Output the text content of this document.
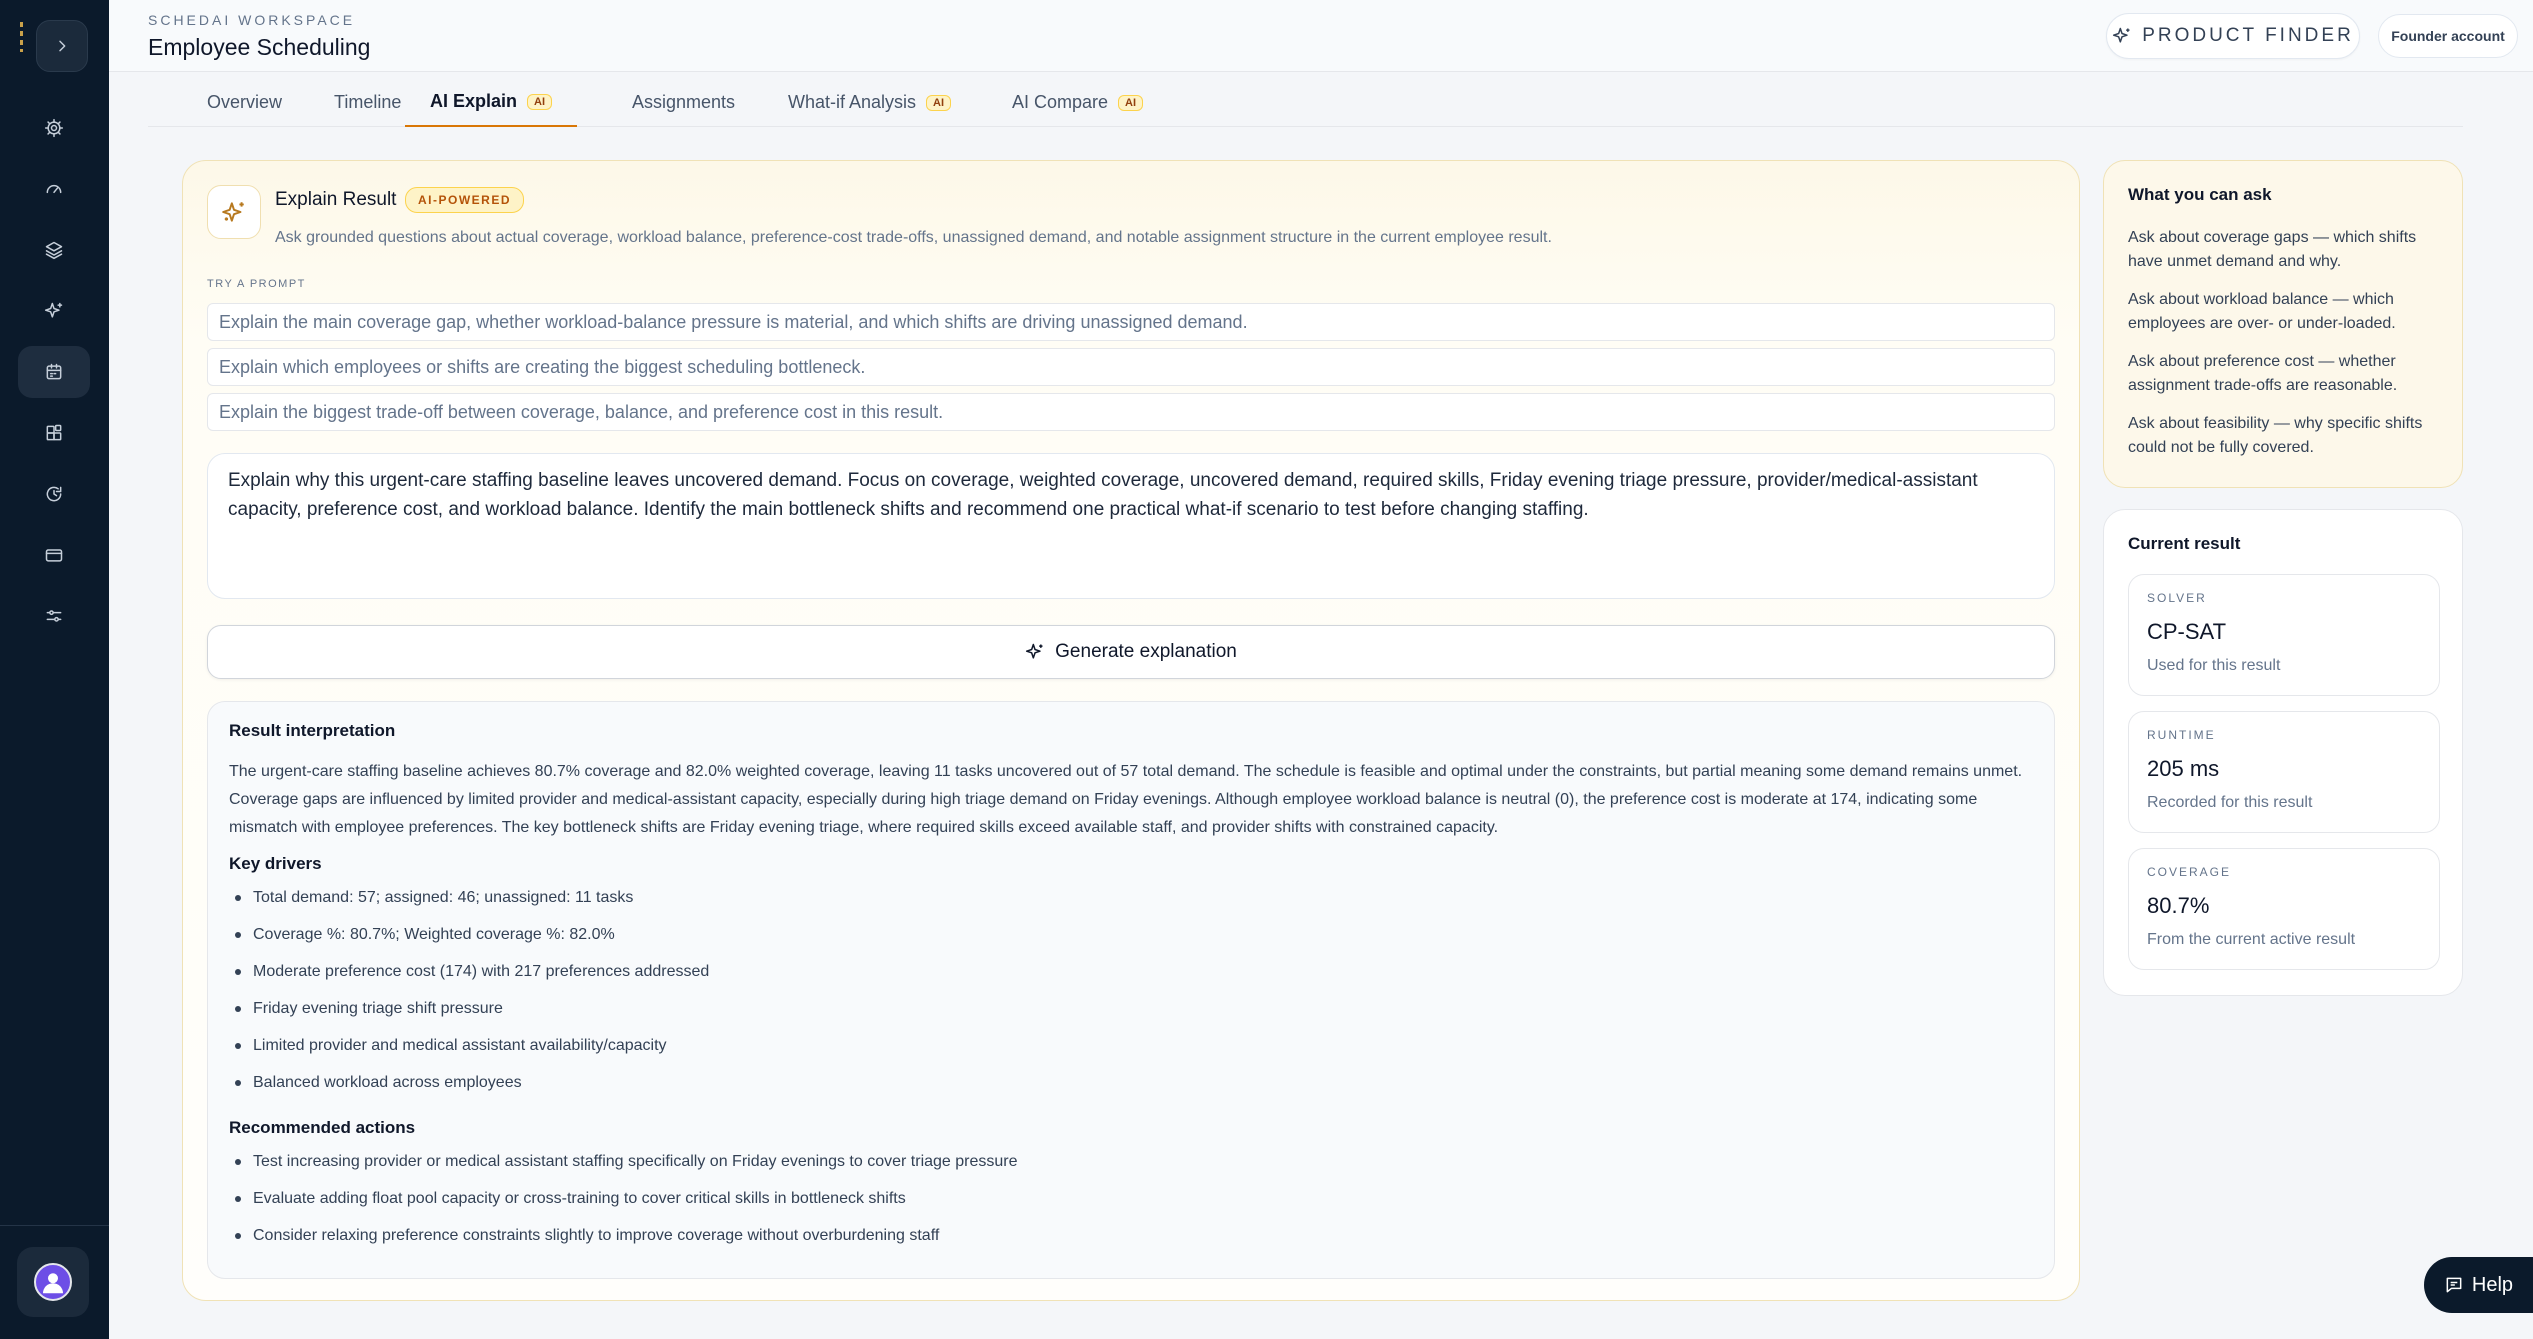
SCHEDAI WORKSPACE
Employee Scheduling	PRODUCT FINDER	Founder account
Overview	Timeline AI Explain	AI	Assignments	What-if Analysis	AI	AI Compare	AI
Explain Result	AI-POWERED
Ask grounded questions about actual coverage, workload balance, preference-cost trade-offs, unassigned demand, and notable assignment structure in the current employee result.
TRY A PROMPT
Explain the main coverage gap, whether workload-balance pressure is material, and which shifts are driving unassigned demand.
Explain which employees or shifts are creating the biggest scheduling bottleneck.
Explain the biggest trade-off between coverage, balance, and preference cost in this result.
Explain why this urgent-care staffing baseline leaves uncovered demand. Focus on coverage, weighted coverage, uncovered demand, required skills, Friday evening triage pressure, provider/medical-assistant capacity, preference cost, and workload balance. Identify the main bottleneck shifts and recommend one practical what-if scenario to test before changing staffing.
Generate explanation
Result interpretation

The urgent-care staffing baseline achieves 80.7% coverage and 82.0% weighted coverage, leaving 11 tasks uncovered out of 57 total demand. The schedule is feasible and optimal under the constraints, but partial meaning some demand remains unmet. Coverage gaps are influenced by limited provider and medical-assistant capacity, especially during high triage demand on Friday evenings. Although employee workload balance is neutral (0), the preference cost is moderate at 174, indicating some mismatch with employee preferences. The key bottleneck shifts are Friday evening triage, where required skills exceed available staff, and provider shifts with constrained capacity.

Key drivers
Total demand: 57; assigned: 46; unassigned: 11 tasks
Coverage %: 80.7%; Weighted coverage %: 82.0%
Moderate preference cost (174) with 217 preferences addressed
Friday evening triage shift pressure
Limited provider and medical assistant availability/capacity
Balanced workload across employees
Recommended actions
Test increasing provider or medical assistant staffing specifically on Friday evenings to cover triage pressure
Evaluate adding float pool capacity or cross-training to cover critical skills in bottleneck shifts
Consider relaxing preference constraints slightly to improve coverage without overburdening staff
What you can ask
Ask about coverage gaps — which shifts have unmet demand and why.
Ask about workload balance — which employees are over- or under-loaded.
Ask about preference cost — whether assignment trade-offs are reasonable.
Ask about feasibility — why specific shifts could not be fully covered.
Current result
SOLVER
CP-SAT
Used for this result
RUNTIME
205 ms
Recorded for this result
COVERAGE
80.7%
From the current active result
Help
